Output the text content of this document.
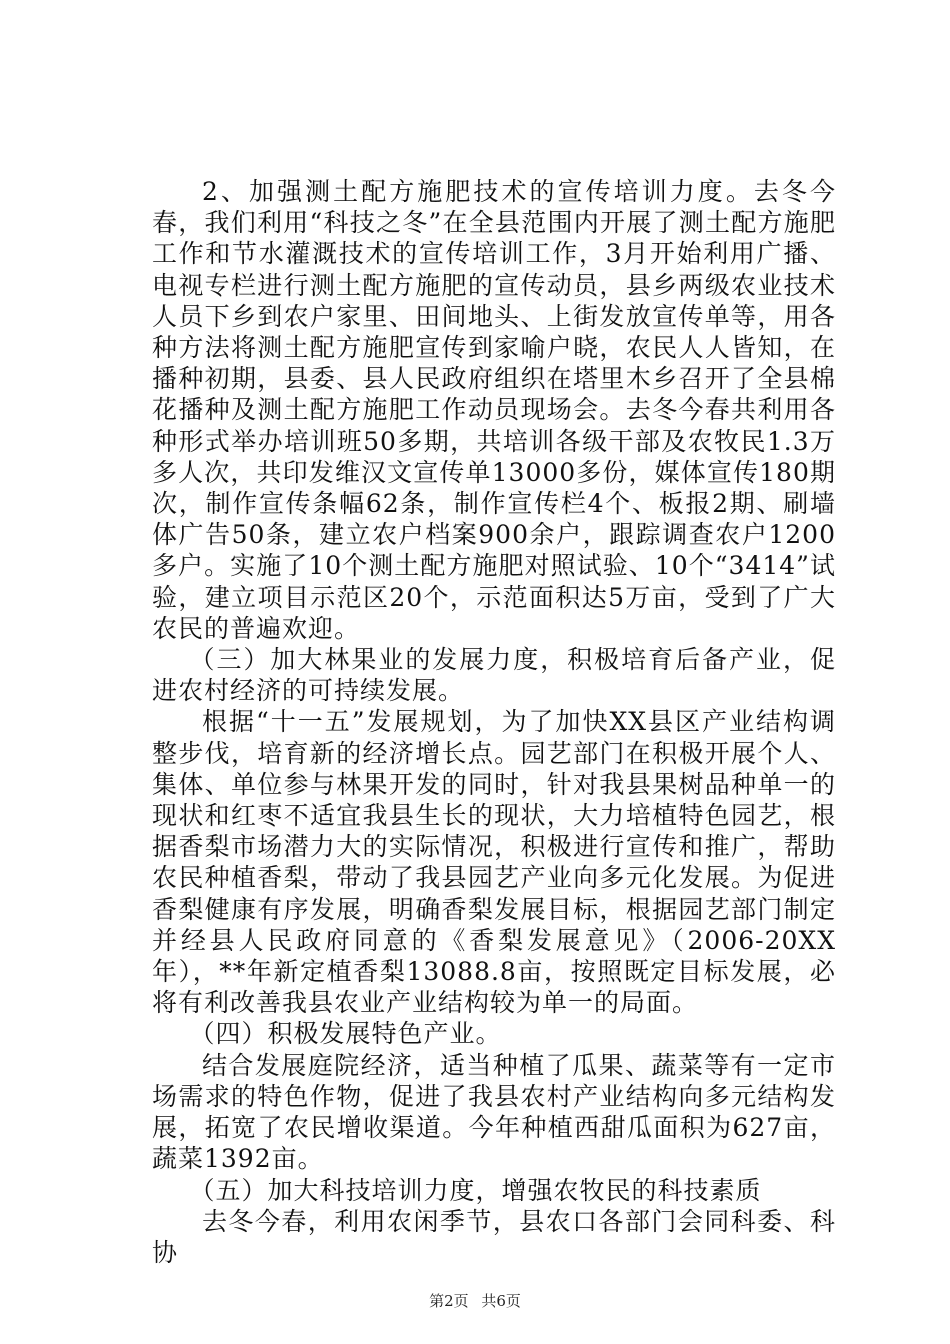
2、加强测土配方施肥技术的宣传培训力度。去冬今春，我们利用“科技之冬”在全县范围内开展了测土配方施肥工作和节水灌溉技术的宣传培训工作，3月开始利用广播、电视专栏进行测土配方施肥的宣传动员，县乡两级农业技术人员下乡到农户家里、田间地头、上街发放宣传单等，用各种方法将测土配方施肥宣传到家喻户晓，农民人人皆知，在播种初期，县委、县人民政府组织在塔里木乡召开了全县棉花播种及测土配方施肥工作动员现场会。去冬今春共利用各种形式举办培训班50多期，共培训各级干部及农牧民1.3万多人次，共印发维汉文宣传单13000多份，媒体宣传180期次，制作宣传条幅62条，制作宣传栏4个、板报2期、刷墙体广告50条，建立农户档案900余户，跟踪调查农户1200多户。实施了10个测土配方施肥对照试验、10个“3414”试验，建立项目示范区20个，示范面积达5万亩，受到了广大农民的普遍欢迎。

（三）加大林果业的发展力度，积极培育后备产业，促进农村经济的可持续发展。

根据“十一五”发展规划，为了加快XX县区产业结构调整步伐，培育新的经济增长点。园艺部门在积极开展个人、集体、单位参与林果开发的同时，针对我县果树品种单一的现状和红枣不适宜我县生长的现状，大力培植特色园艺，根据香梨市场潜力大的实际情况，积极进行宣传和推广，帮助农民种植香梨，带动了我县园艺产业向多元化发展。为促进香梨健康有序发展，明确香梨发展目标，根据园艺部门制定并经县人民政府同意的《香梨发展意见》（2006-20XX年），**年新定植香梨13088.8亩，按照既定目标发展，必将有利改善我县农业产业结构较为单一的局面。

（四）积极发展特色产业。

结合发展庭院经济，适当种植了瓜果、蔬菜等有一定市场需求的特色作物，促进了我县农村产业结构向多元结构发展，拓宽了农民增收渠道。今年种植西甜瓜面积为627亩，蔬菜1392亩。

（五）加大科技培训力度，增强农牧民的科技素质

去冬今春，利用农闲季节，县农口各部门会同科委、科协

第2页 共6页
